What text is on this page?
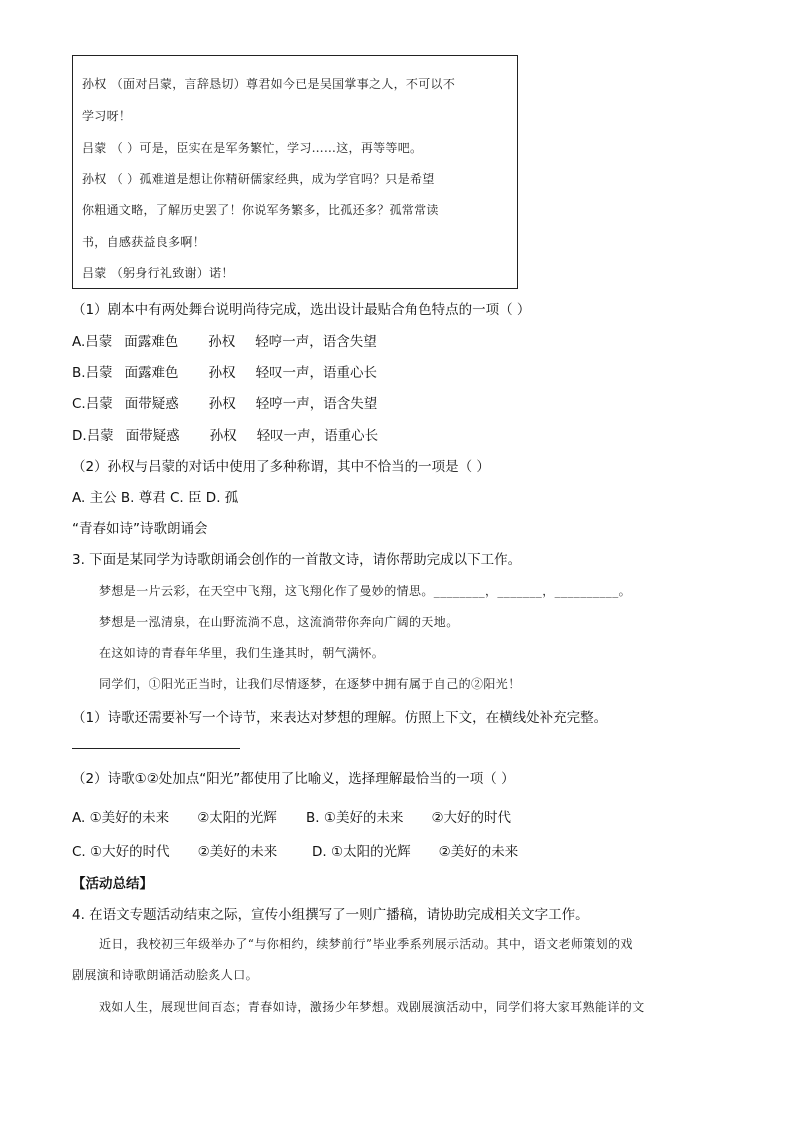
孙权 （面对吕蒙，言辞恳切）尊君如今已是吴国掌事之人，不可以不
学习呀！
吕蒙 （ ）可是，臣实在是军务繁忙，学习……这，再等等吧。
孙权 （ ）孤难道是想让你精研儒家经典，成为学官吗？只是希望
你粗通文略，了解历史罢了！你说军务繁多，比孤还多？孤常常读
书，自感获益良多啊！
吕蒙 （躬身行礼致谢）诺！
（1）剧本中有两处舞台说明尚待完成，选出设计最贴合角色特点的一项（ ）
A.吕蒙 面露难色 孙权 轻哼一声，语含失望
B.吕蒙 面露难色 孙权 轻叹一声，语重心长
C.吕蒙 面带疑惑 孙权 轻哼一声，语含失望
D.吕蒙 面带疑惑 孙权 轻叹一声，语重心长
（2）孙权与吕蒙的对话中使用了多种称谓，其中不恰当的一项是（ ）
A. 主公 B. 尊君 C. 臣 D. 孤
“青春如诗”诗歌朗诵会
3. 下面是某同学为诗歌朗诵会创作的一首散文诗，请你帮助完成以下工作。
梦想是一片云彩，在天空中飞翔，这飞翔化作了曼妙的情思。________，_______，__________。
梦想是一泓清泉，在山野流淌不息，这流淌带你奔向广阔的天地。
在这如诗的青春年华里，我们生逢其时，朝气满怀。
同学们，①阳光正当时，让我们尽情逐梦，在逐梦中拥有属于自己的②阳光！
（1）诗歌还需要补写一个诗节，来表达对梦想的理解。仿照上下文，在横线处补充完整。
（2）诗歌①②处加点“阳光”都使用了比喻义，选择理解最恰当的一项（ ）
A. ①美好的未来 ②太阳的光辉 B. ①美好的未来 ②大好的时代
C. ①大好的时代 ②美好的未来	D. ①太阳的光辉 ②美好的未来
【活动总结】
4. 在语文专题活动结束之际，宣传小组撰写了一则广播稿，请协助完成相关文字工作。
近日，我校初三年级举办了“与你相约，续梦前行”毕业季系列展示活动。其中，语文老师策划的戏
剧展演和诗歌朗诵活动脍炙人口。
戏如人生，展现世间百态；青春如诗，激扬少年梦想。戏剧展演活动中，同学们将大家耳熟能详的文
